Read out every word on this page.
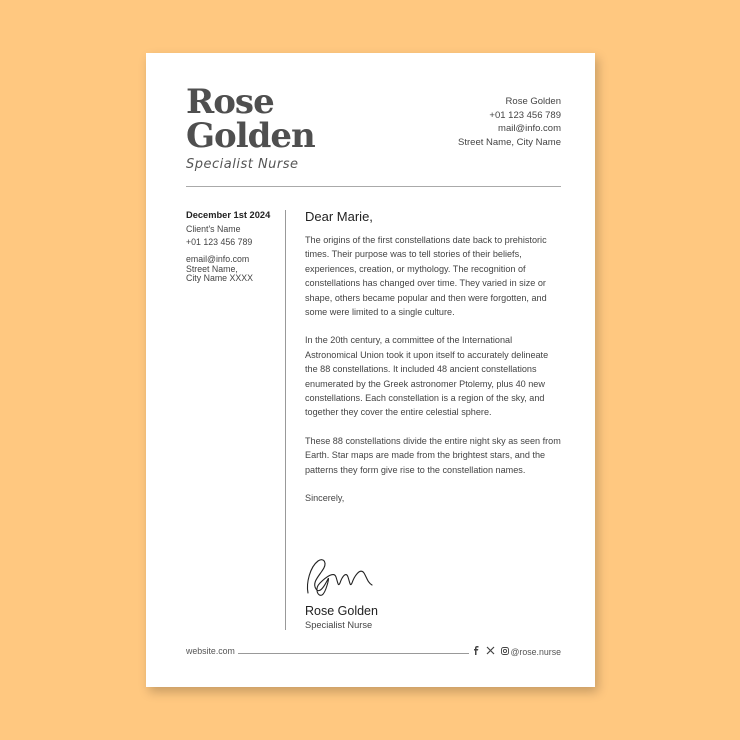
Rose
Golden
Specialist Nurse
Rose Golden
+01 123 456 789
mail@info.com
Street Name, City Name
December 1st 2024
Client's Name
+01 123 456 789
email@info.com
Street Name,
City Name XXXX
Dear Marie,

The origins of the first constellations date back to prehistoric times. Their purpose was to tell stories of their beliefs, experiences, creation, or mythology. The recognition of constellations has changed over time. They varied in size or shape, others became popular and then were forgotten, and some were limited to a single culture.

In the 20th century, a committee of the International Astronomical Union took it upon itself to accurately delineate the 88 constellations. It included 48 ancient constellations enumerated by the Greek astronomer Ptolemy, plus 40 new constellations. Each constellation is a region of the sky, and together they cover the entire celestial sphere.

These 88 constellations divide the entire night sky as seen from Earth. Star maps are made from the brightest stars, and the patterns they form give rise to the constellation names.

Sincerely,

Rose Golden
Specialist Nurse
website.com	@rose.nurse
